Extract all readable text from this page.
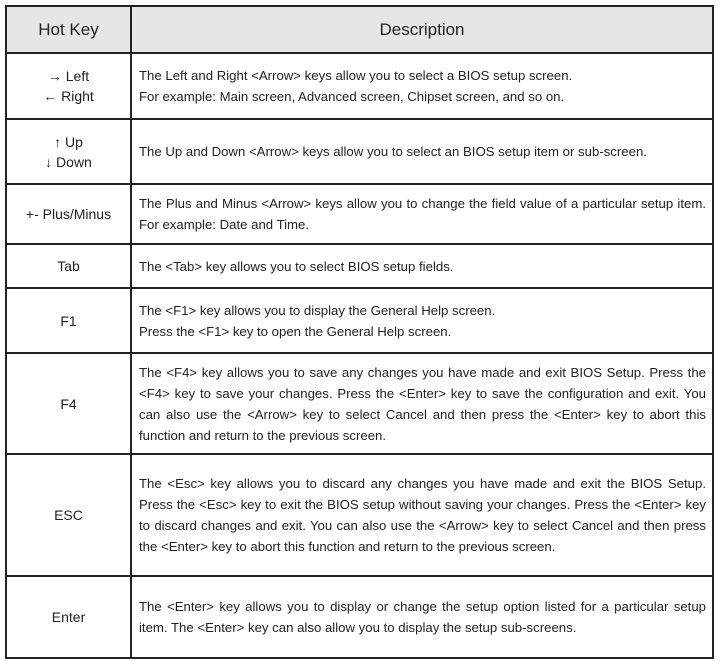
Hot Key	Description

→ Left
← Right	The Left and Right <Arrow> keys allow you to select a BIOS setup screen.
For example: Main screen, Advanced screen, Chipset screen, and so on.

↑ Up
↓ Down	The Up and Down <Arrow> keys allow you to select an BIOS setup item or sub-screen.

+- Plus/Minus	The Plus and Minus <Arrow> keys allow you to change the field value of a particular setup item. For example: Date and Time.

Tab	The <Tab> key allows you to select BIOS setup fields.

F1	The <F1> key allows you to display the General Help screen.
Press the <F1> key to open the General Help screen.

F4	The <F4> key allows you to save any changes you have made and exit BIOS Setup. Press the <F4> key to save your changes. Press the <Enter> key to save the configuration and exit. You can also use the <Arrow> key to select Cancel and then press the <Enter> key to abort this function and return to the previous screen.

ESC	The <Esc> key allows you to discard any changes you have made and exit the BIOS Setup. Press the <Esc> key to exit the BIOS setup without saving your changes. Press the <Enter> key to discard changes and exit. You can also use the <Arrow> key to select Cancel and then press the <Enter> key to abort this function and return to the previous screen.

Enter	The <Enter> key allows you to display or change the setup option listed for a particular setup item. The <Enter> key can also allow you to display the setup sub-screens.
